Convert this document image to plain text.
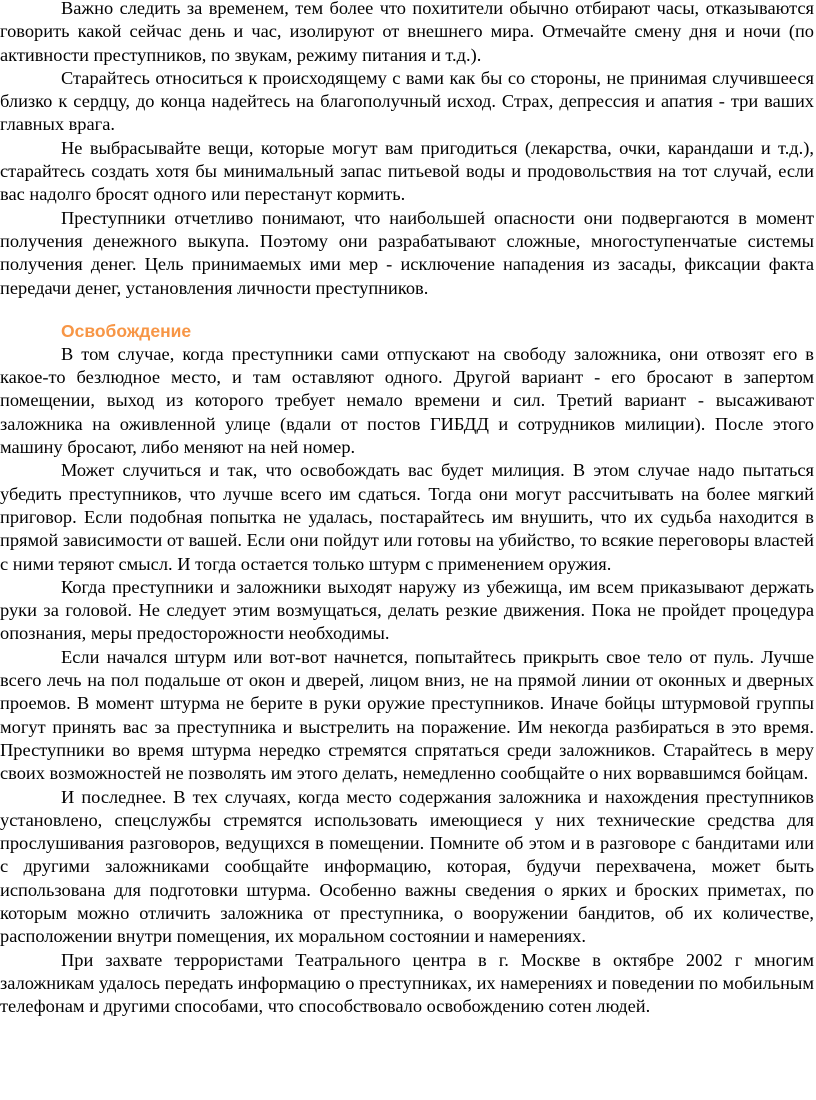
Важно следить за временем, тем более что похитители обычно отбирают часы, отказываются говорить какой сейчас день и час, изолируют от внешнего мира. Отмечайте смену дня и ночи (по активности преступников, по звукам, режиму питания и т.д.).

Старайтесь относиться к происходящему с вами как бы со стороны, не принимая случившееся близко к сердцу, до конца надейтесь на благополучный исход. Страх, депрессия и апатия - три ваших главных врага.

Не выбрасывайте вещи, которые могут вам пригодиться (лекарства, очки, карандаши и т.д.), старайтесь создать хотя бы минимальный запас питьевой воды и продовольствия на тот случай, если вас надолго бросят одного или перестанут кормить.

Преступники отчетливо понимают, что наибольшей опасности они подвергаются в момент получения денежного выкупа. Поэтому они разрабатывают сложные, многоступенчатые системы получения денег. Цель принимаемых ими мер - исключение нападения из засады, фиксации факта передачи денег, установления личности преступников.

Освобождение

В том случае, когда преступники сами отпускают на свободу заложника, они отвозят его в какое-то безлюдное место, и там оставляют одного. Другой вариант - его бросают в запертом помещении, выход из которого требует немало времени и сил. Третий вариант - высаживают заложника на оживленной улице (вдали от постов ГИБДД и сотрудников милиции). После этого машину бросают, либо меняют на ней номер.

Может случиться и так, что освобождать вас будет милиция. В этом случае надо пытаться убедить преступников, что лучше всего им сдаться. Тогда они могут рассчитывать на более мягкий приговор. Если подобная попытка не удалась, постарайтесь им внушить, что их судьба находится в прямой зависимости от вашей. Если они пойдут или готовы на убийство, то всякие переговоры властей с ними теряют смысл. И тогда остается только штурм с применением оружия.

Когда преступники и заложники выходят наружу из убежища, им всем приказывают держать руки за головой. Не следует этим возмущаться, делать резкие движения. Пока не пройдет процедура опознания, меры предосторожности необходимы.

Если начался штурм или вот-вот начнется, попытайтесь прикрыть свое тело от пуль. Лучше всего лечь на пол подальше от окон и дверей, лицом вниз, не на прямой линии от оконных и дверных проемов. В момент штурма не берите в руки оружие преступников. Иначе бойцы штурмовой группы могут принять вас за преступника и выстрелить на поражение. Им некогда разбираться в это время. Преступники во время штурма нередко стремятся спрятаться среди заложников. Старайтесь в меру своих возможностей не позволять им этого делать, немедленно сообщайте о них ворвавшимся бойцам.

И последнее. В тех случаях, когда место содержания заложника и нахождения преступников установлено, спецслужбы стремятся использовать имеющиеся у них технические средства для прослушивания разговоров, ведущихся в помещении. Помните об этом и в разговоре с бандитами или с другими заложниками сообщайте информацию, которая, будучи перехвачена, может быть использована для подготовки штурма. Особенно важны сведения о ярких и броских приметах, по которым можно отличить заложника от преступника, о вооружении бандитов, об их количестве, расположении внутри помещения, их моральном состоянии и намерениях.

При захвате террористами Театрального центра в г. Москве в октябре 2002 г многим заложникам удалось передать информацию о преступниках, их намерениях и поведении по мобильным телефонам и другими способами, что способствовало освобождению сотен людей.
